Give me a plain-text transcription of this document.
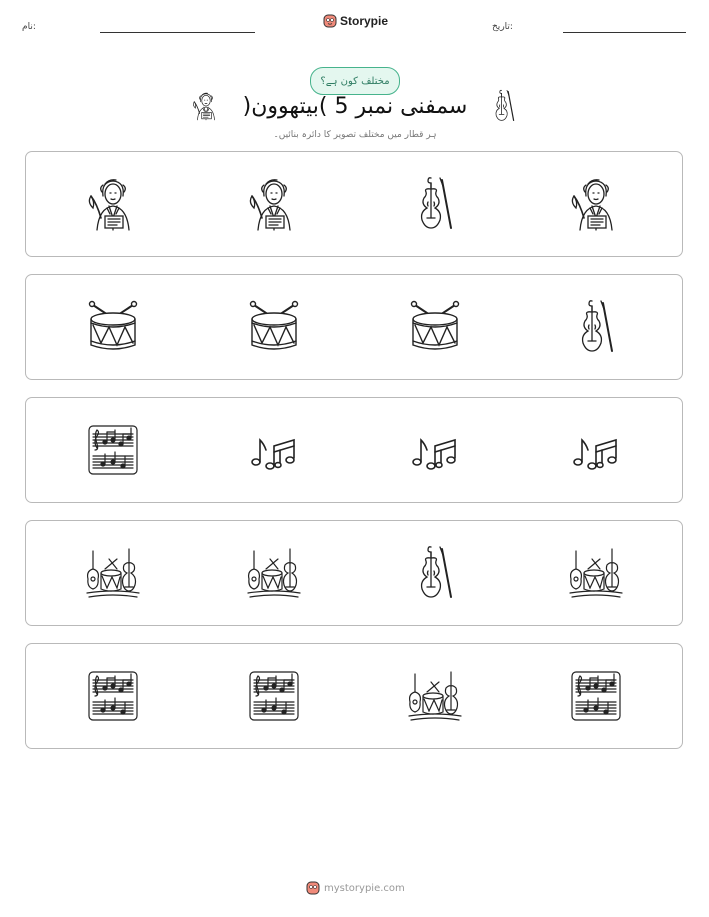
نام:	Storypie	تاریخ:
مختلف کون ہے؟
سمفنی نمبر 5 )بیتھوون(
ہر قطار میں مختلف تصویر کا دائرہ بنائیں۔
mystorypie.com
